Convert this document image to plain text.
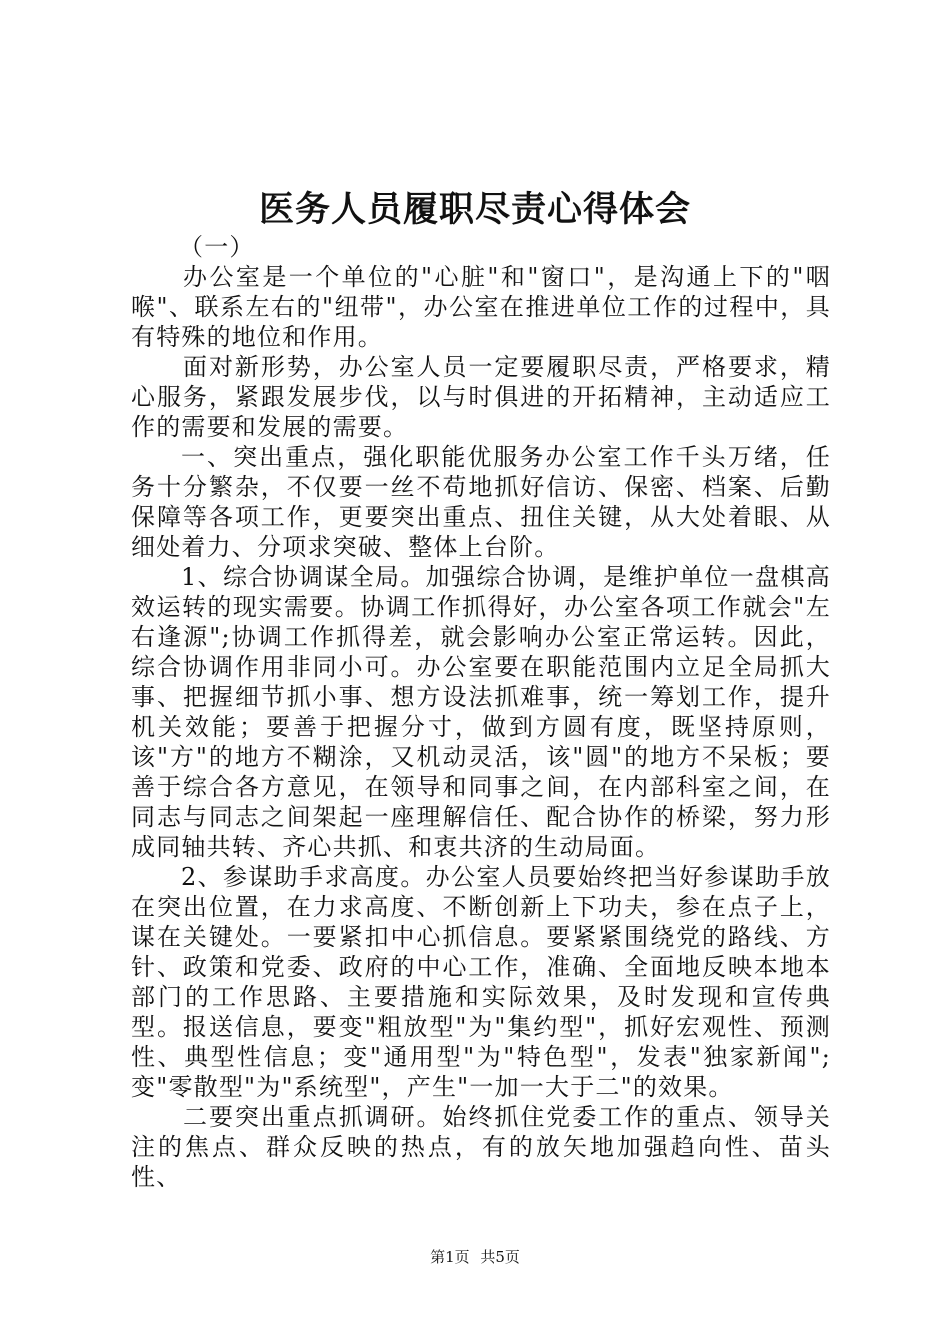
医务人员履职尽责心得体会

（一）

办公室是一个单位的"心脏"和"窗口"，是沟通上下的"咽喉"、联系左右的"纽带"，办公室在推进单位工作的过程中，具有特殊的地位和作用。

面对新形势，办公室人员一定要履职尽责，严格要求，精心服务，紧跟发展步伐，以与时俱进的开拓精神，主动适应工作的需要和发展的需要。

一、突出重点，强化职能优服务办公室工作千头万绪，任务十分繁杂，不仅要一丝不苟地抓好信访、保密、档案、后勤保障等各项工作，更要突出重点、扭住关键，从大处着眼、从细处着力、分项求突破、整体上台阶。

1、综合协调谋全局。加强综合协调，是维护单位一盘棋高效运转的现实需要。协调工作抓得好，办公室各项工作就会"左右逢源";协调工作抓得差，就会影响办公室正常运转。因此，综合协调作用非同小可。办公室要在职能范围内立足全局抓大事、把握细节抓小事、想方设法抓难事，统一筹划工作，提升机关效能；要善于把握分寸，做到方圆有度，既坚持原则，该"方"的地方不糊涂，又机动灵活，该"圆"的地方不呆板；要善于综合各方意见，在领导和同事之间，在内部科室之间，在同志与同志之间架起一座理解信任、配合协作的桥梁，努力形成同轴共转、齐心共抓、和衷共济的生动局面。

2、参谋助手求高度。办公室人员要始终把当好参谋助手放在突出位置，在力求高度、不断创新上下功夫，参在点子上，谋在关键处。一要紧扣中心抓信息。要紧紧围绕党的路线、方针、政策和党委、政府的中心工作，准确、全面地反映本地本部门的工作思路、主要措施和实际效果，及时发现和宣传典型。报送信息，要变"粗放型"为"集约型"，抓好宏观性、预测性、典型性信息；变"通用型"为"特色型"，发表"独家新闻";变"零散型"为"系统型"，产生"一加一大于二"的效果。

二要突出重点抓调研。始终抓住党委工作的重点、领导关注的焦点、群众反映的热点，有的放矢地加强趋向性、苗头性、

第1页 共5页
